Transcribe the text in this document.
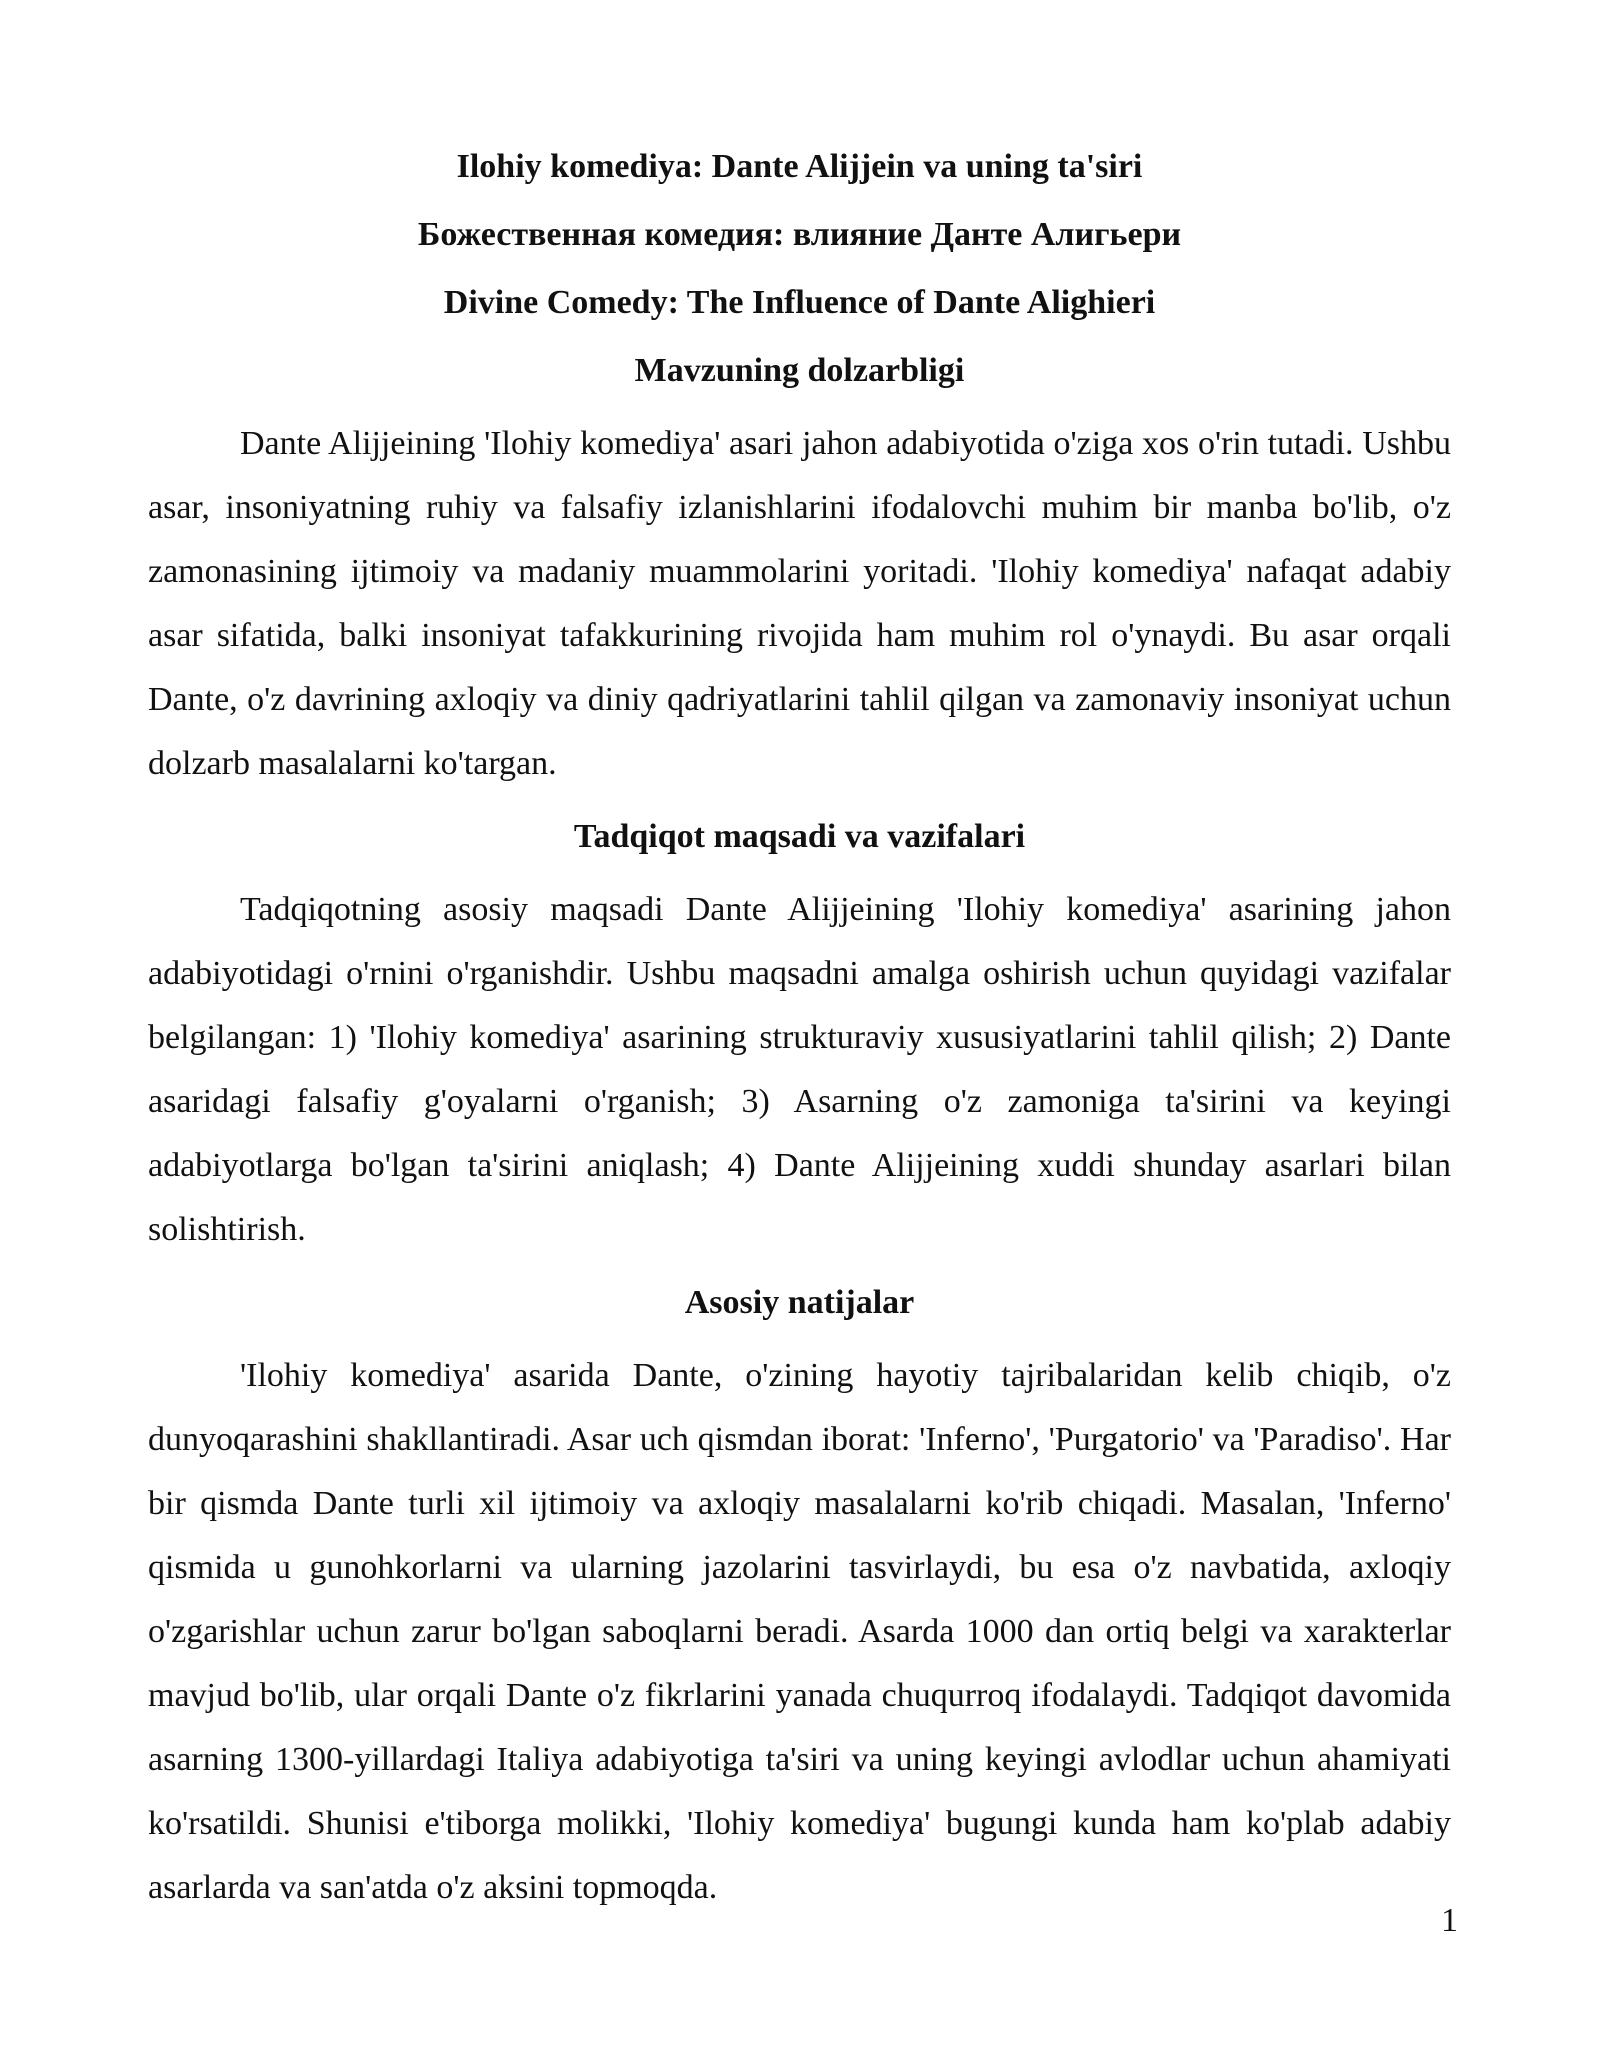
Ilohiy komediya: Dante Alijjein va uning ta'siri
Божественная комедия: влияние Данте Алигьери
Divine Comedy: The Influence of Dante Alighieri
Mavzuning dolzarbligi

Dante Alijjeining 'Ilohiy komediya' asari jahon adabiyotida o'ziga xos o'rin tutadi. Ushbu asar, insoniyatning ruhiy va falsafiy izlanishlarini ifodalovchi muhim bir manba bo'lib, o'z zamonasining ijtimoiy va madaniy muammolarini yoritadi. 'Ilohiy komediya' nafaqat adabiy asar sifatida, balki insoniyat tafakkurining rivojida ham muhim rol o'ynaydi. Bu asar orqali Dante, o'z davrining axloqiy va diniy qadriyatlarini tahlil qilgan va zamonaviy insoniyat uchun dolzarb masalalarni ko'targan.

Tadqiqot maqsadi va vazifalari

Tadqiqotning asosiy maqsadi Dante Alijjeining 'Ilohiy komediya' asarining jahon adabiyotidagi o'rnini o'rganishdir. Ushbu maqsadni amalga oshirish uchun quyidagi vazifalar belgilangan: 1) 'Ilohiy komediya' asarining strukturaviy xususiyatlarini tahlil qilish; 2) Dante asaridagi falsafiy g'oyalarni o'rganish; 3) Asarning o'z zamoniga ta'sirini va keyingi adabiyotlarga bo'lgan ta'sirini aniqlash; 4) Dante Alijjeining xuddi shunday asarlari bilan solishtirish.

Asosiy natijalar

'Ilohiy komediya' asarida Dante, o'zining hayotiy tajribalaridan kelib chiqib, o'z dunyoqarashini shakllantiradi. Asar uch qismdan iborat: 'Inferno', 'Purgatorio' va 'Paradiso'. Har bir qismda Dante turli xil ijtimoiy va axloqiy masalalarni ko'rib chiqadi. Masalan, 'Inferno' qismida u gunohkorlarni va ularning jazolarini tasvirlaydi, bu esa o'z navbatida, axloqiy o'zgarishlar uchun zarur bo'lgan saboqlarni beradi. Asarda 1000 dan ortiq belgi va xarakterlar mavjud bo'lib, ular orqali Dante o'z fikrlarini yanada chuqurroq ifodalaydi. Tadqiqot davomida asarning 1300-yillardagi Italiya adabiyotiga ta'siri va uning keyingi avlodlar uchun ahamiyati ko'rsatildi. Shunisi e'tiborga molikki, 'Ilohiy komediya' bugungi kunda ham ko'plab adabiy asarlarda va san'atda o'z aksini topmoqda.

1
